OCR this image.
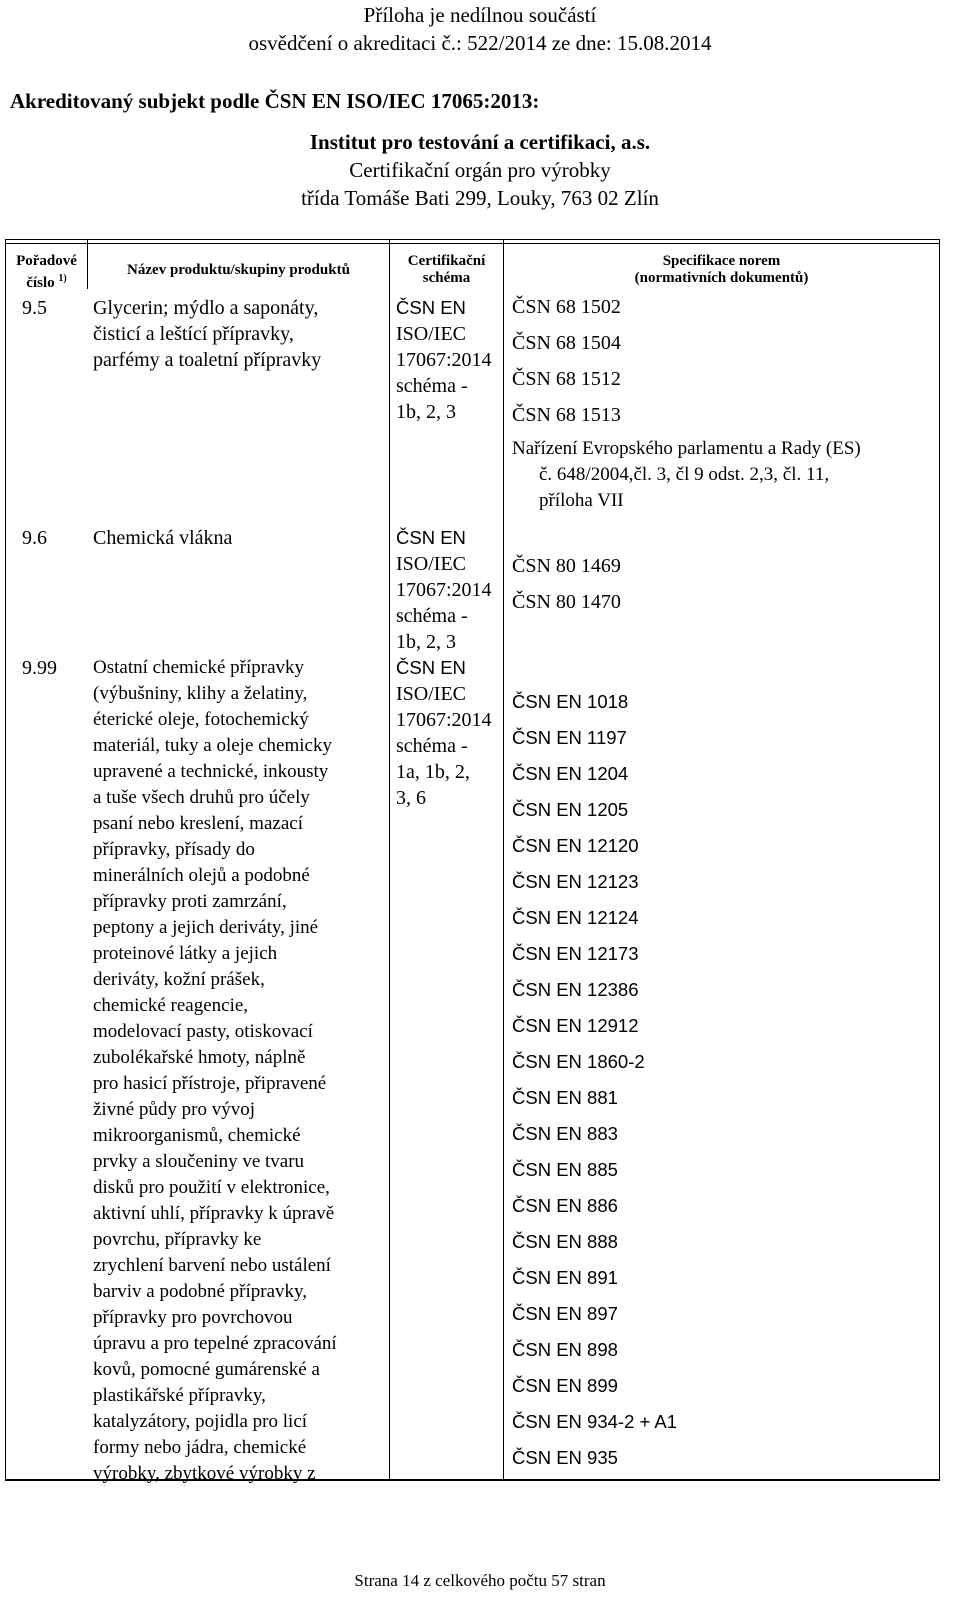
Příloha je nedílnou součástí
osvědčení o akreditaci č.: 522/2014 ze dne: 15.08.2014
Akreditovaný subjekt podle ČSN EN ISO/IEC 17065:2013:
Institut pro testování a certifikaci, a.s.
Certifikační orgán pro výrobky
třída Tomáše Bati 299, Louky, 763 02 Zlín
Pořadové
číslo $^{1)}$
Název produktu/skupiny produktů
Certifikační
schéma
Specifikace norem
(normativních dokumentů)
9.5 Glycerin; mýdlo a saponáty,
čisticí a leštící přípravky,
parfémy a toaletní přípravky
ČSN EN
ISO/IEC
17067:2014
schéma -
1b, 2, 3
ČSN 68 1502
ČSN 68 1504
ČSN 68 1512
ČSN 68 1513
Nařízení Evropského parlamentu a Rady (ES)
č. 648/2004,čl. 3, čl 9 odst. 2,3, čl. 11,
příloha VII
9.6 Chemická vlákna	ČSN EN
ISO/IEC
17067:2014
schéma -
1b, 2, 3
ČSN 80 1469
ČSN 80 1470
9.99 Ostatní chemické přípravky
(výbušniny, klihy a želatiny,
éterické oleje, fotochemický
materiál, tuky a oleje chemicky
upravené a technické, inkousty
a tuše všech druhů pro účely
psaní nebo kreslení, mazací
přípravky, přísady do
minerálních olejů a podobné
přípravky proti zamrzání,
peptony a jejich deriváty, jiné
proteinové látky a jejich
deriváty, kožní prášek,
chemické reagencie,
modelovací pasty, otiskovací
zubolékařské hmoty, náplně
pro hasicí přístroje, připravené
živné půdy pro vývoj
mikroorganismů, chemické
prvky a sloučeniny ve tvaru
disků pro použití v elektronice,
aktivní uhlí, přípravky k úpravě
povrchu, přípravky ke
zrychlení barvení nebo ustálení
barviv a podobné přípravky,
přípravky pro povrchovou
úpravu a pro tepelné zpracování
kovů, pomocné gumárenské a
plastikářské přípravky,
katalyzátory, pojidla pro licí
formy nebo jádra, chemické
výrobky, zbytkové výrobky z
ČSN EN
ISO/IEC
17067:2014
schéma -
1a, 1b, 2,
3, 6
ČSN EN 1018
ČSN EN 1197
ČSN EN 1204
ČSN EN 1205
ČSN EN 12120
ČSN EN 12123
ČSN EN 12124
ČSN EN 12173
ČSN EN 12386
ČSN EN 12912
ČSN EN 1860-2
ČSN EN 881
ČSN EN 883
ČSN EN 885
ČSN EN 886
ČSN EN 888
ČSN EN 891
ČSN EN 897
ČSN EN 898
ČSN EN 899
ČSN EN 934-2 + A1
ČSN EN 935
Strana 14 z celkového počtu 57 stran
